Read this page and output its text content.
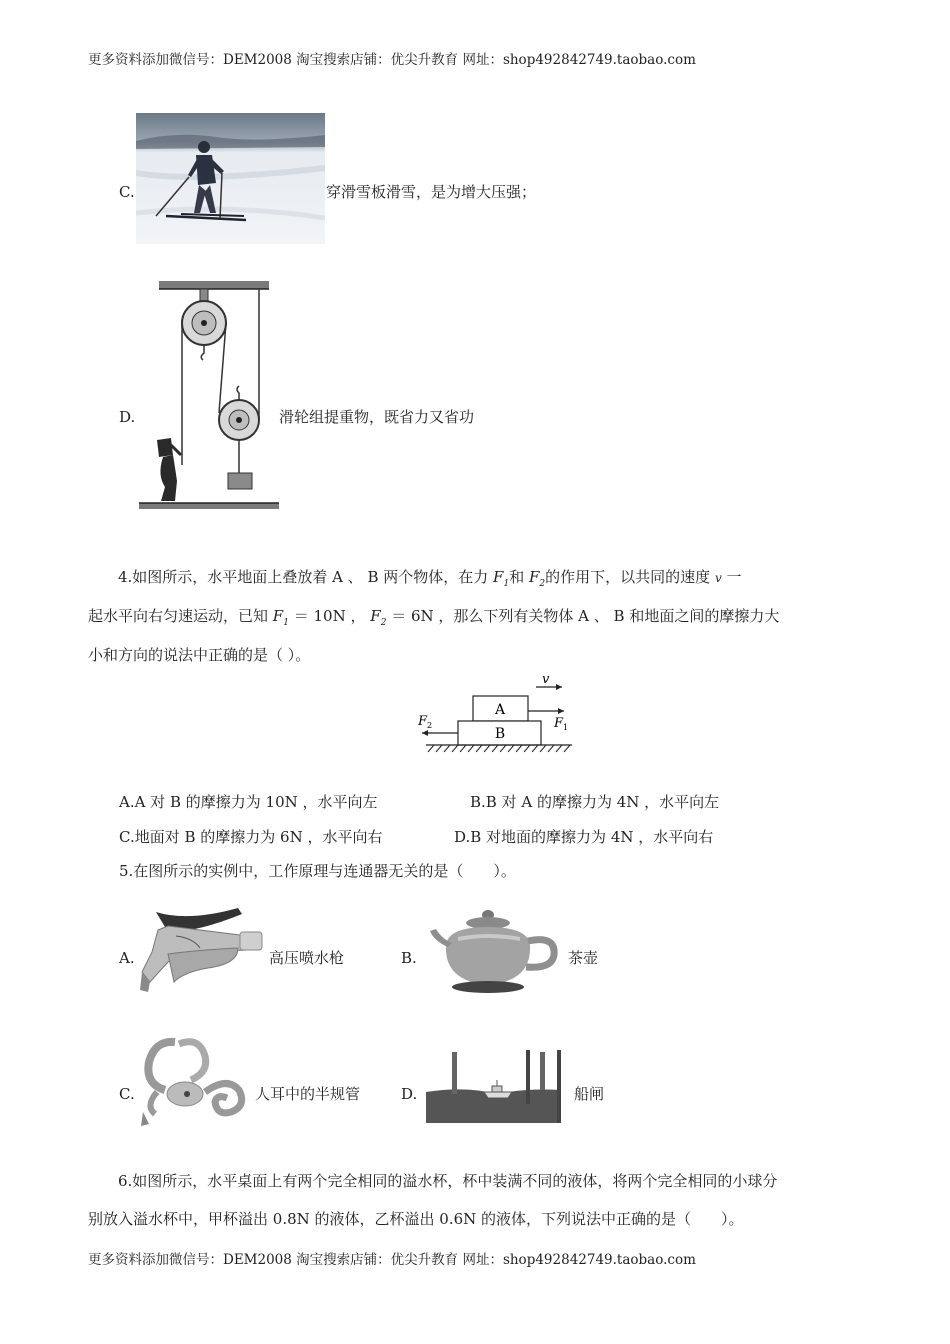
更多资料添加微信号：DEM2008 淘宝搜索店铺：优尖升教育 网址：shop492842749.taobao.com
C.	穿滑雪板滑雪，是为增大压强；
D.	滑轮组提重物，既省力又省功
4.如图所示，水平地面上叠放着 A 、 B 两个物体，在力 $F_1$和 $F_2$的作用下，以共同的速度 v 一
起水平向右匀速运动，已知 $F_1 = 10N$ ， $F_2 = 6N$ ，那么下列有关物体 A 、 B 和地面之间的摩擦力大
小和方向的说法中正确的是（ ）。
v
A
F 1
B
F 2
A.A 对 B 的摩擦力为 10N ，水平向左	B.B 对 A 的摩擦力为 4N ，水平向左
C.地面对 B 的摩擦力为 6N ，水平向右	D.B 对地面的摩擦力为 4N ，水平向右
5.在图所示的实例中，工作原理与连通器无关的是（　　）。
A.	高压喷水枪	B.	茶壶
C.	人耳中的半规管	D.	船闸
6.如图所示，水平桌面上有两个完全相同的溢水杯，杯中装满不同的液体，将两个完全相同的小球分
别放入溢水杯中，甲杯溢出 0.8N 的液体，乙杯溢出 0.6N 的液体，下列说法中正确的是（　　）。
更多资料添加微信号：DEM2008 淘宝搜索店铺：优尖升教育 网址：shop492842749.taobao.com
